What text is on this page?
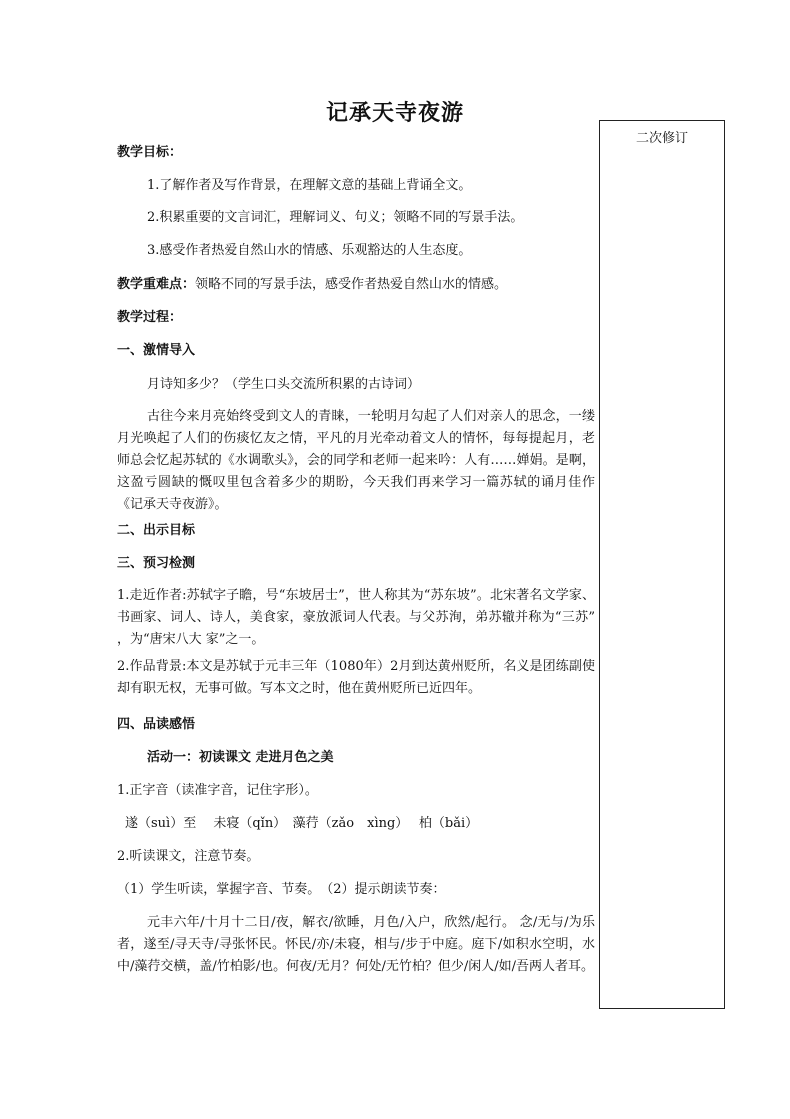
记承天寺夜游
二次修订
教学目标：
1.了解作者及写作背景，在理解文意的基础上背诵全文。
2.积累重要的文言词汇，理解词义、句义；领略不同的写景手法。
3.感受作者热爱自然山水的情感、乐观豁达的人生态度。
教学重难点：领略不同的写景手法，感受作者热爱自然山水的情感。
教学过程：
一、激情导入
月诗知多少？（学生口头交流所积累的古诗词）
古往今来月亮始终受到文人的青睐，一轮明月勾起了人们对亲人的思念，一缕月光唤起了人们的伤痰忆友之情，平凡的月光牵动着文人的情怀，每每提起月，老师总会忆起苏轼的《水调歌头》，会的同学和老师一起来吟：人有……婵娟。是啊，这盈亏圆缺的慨叹里包含着多少的期盼，今天我们再来学习一篇苏轼的诵月佳作《记承天寺夜游》。
二、出示目标
三、预习检测
1.走近作者:苏轼字子瞻，号“东坡居士”，世人称其为“苏东坡”。北宋著名文学家、书画家、词人、诗人，美食家，豪放派词人代表。与父苏洵，弟苏辙并称为“三苏” ，为“唐宋八大 家”之一。
2.作品背景:本文是苏轼于元丰三年（1080年）2月到达黄州贬所，名义是团练副使却有职无权，无事可做。写本文之时，他在黄州贬所已近四年。
四、品读感悟
活动一：初读课文 走进月色之美
1.正字音（读准字音，记住字形）。
遂（suì）至　 未寝（qǐn）　藻荇（zǎo　xìng）　 柏（bǎi）
2.听读课文，注意节奏。
（1）学生听读，掌握字音、节奏。　（2）提示朗读节奏：
元丰六年/十月十二日/夜，解衣/欲睡，月色/入户，欣然/起行。 念/无与/为乐者，遂至/寻天寺/寻张怀民。怀民/亦/未寝，相与/步于中庭。庭下/如积水空明，水中/藻荇交横，盖/竹柏影/也。何夜/无月？何处/无竹柏？但少/闲人/如/吾两人者耳。
